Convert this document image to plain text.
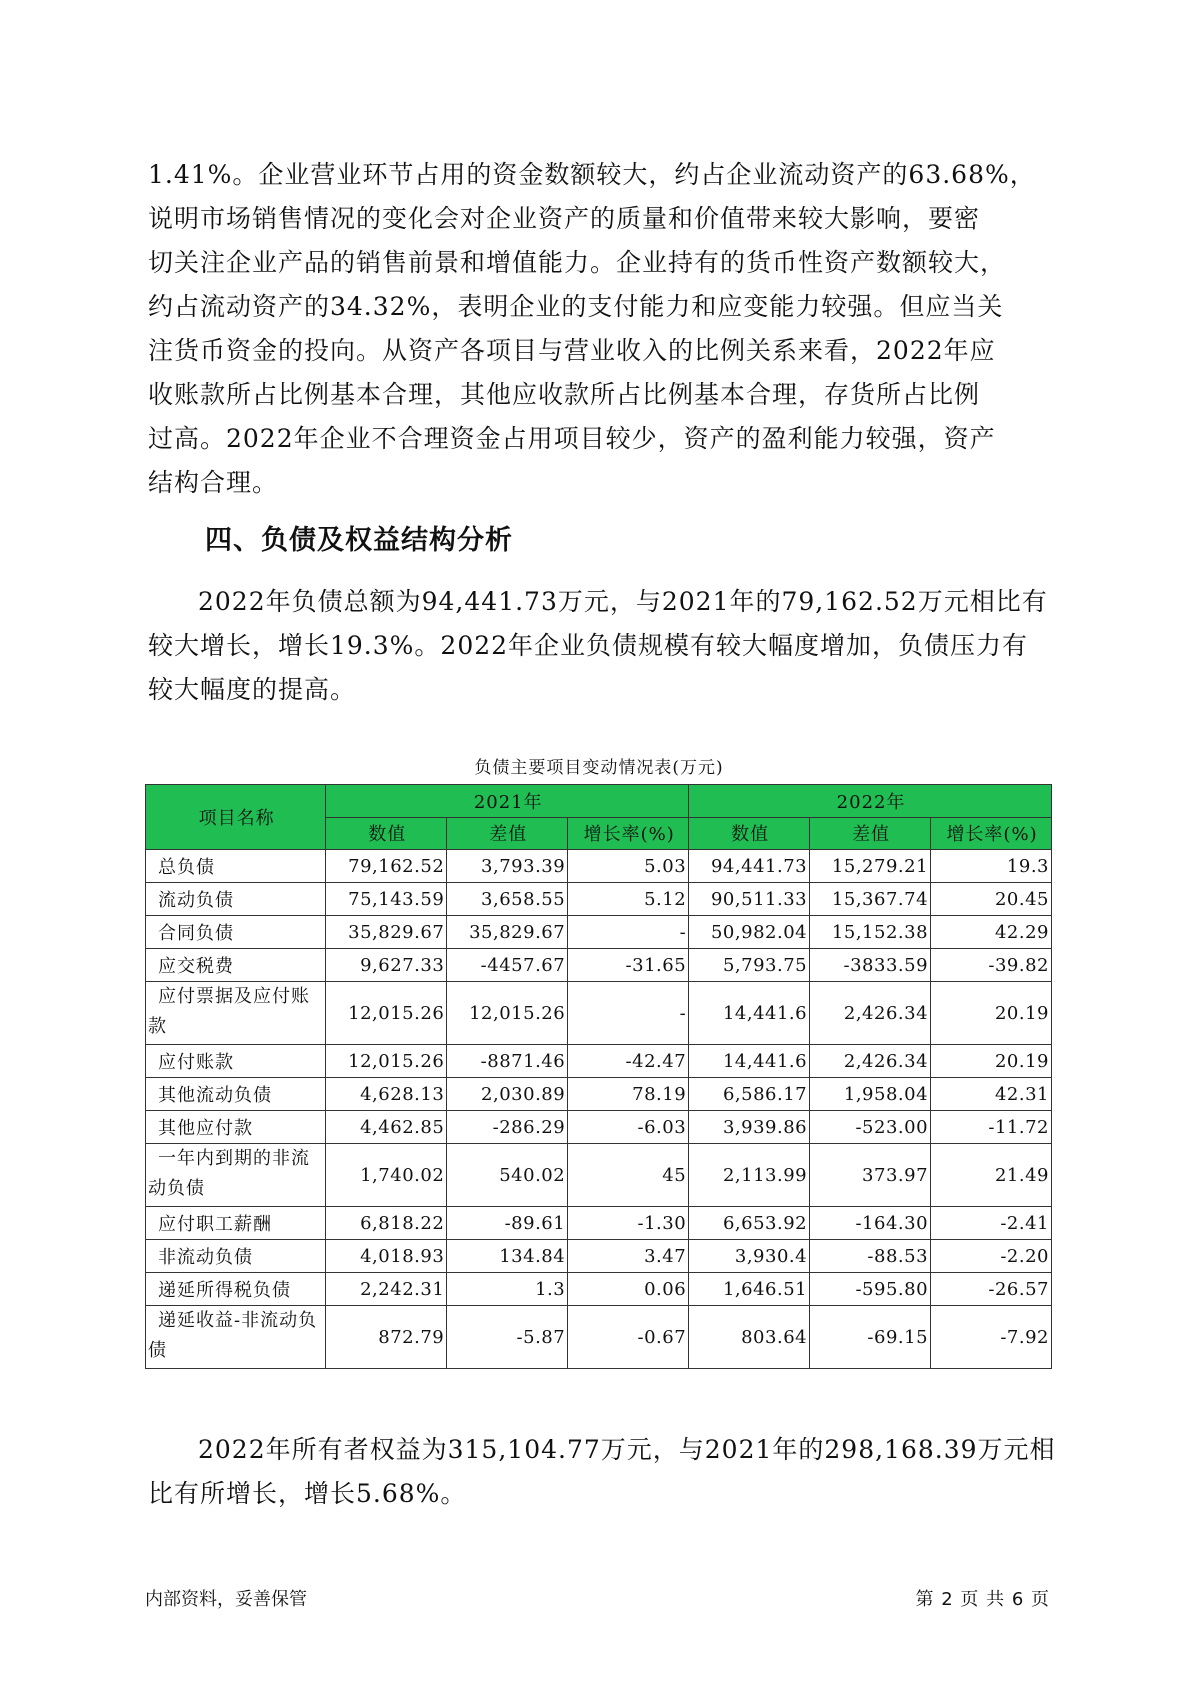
1.41%。企业营业环节占用的资金数额较大，约占企业流动资产的63.68%，
说明市场销售情况的变化会对企业资产的质量和价值带来较大影响，要密
切关注企业产品的销售前景和增值能力。企业持有的货币性资产数额较大，
约占流动资产的34.32%，表明企业的支付能力和应变能力较强。但应当关
注货币资金的投向。从资产各项目与营业收入的比例关系来看，2022年应
收账款所占比例基本合理，其他应收款所占比例基本合理，存货所占比例
过高。2022年企业不合理资金占用项目较少，资产的盈利能力较强，资产
结构合理。
四、负债及权益结构分析
2022年负债总额为94,441.73万元，与2021年的79,162.52万元相比有
较大增长，增长19.3%。2022年企业负债规模有较大幅度增加，负债压力有
较大幅度的提高。
负债主要项目变动情况表(万元)
项目名称	2021年			2022年		
	数值	差值	增长率(%)	数值	差值	增长率(%)
总负债	79,162.52	3,793.39	5.03	94,441.73	15,279.21	19.3
流动负债	75,143.59	3,658.55	5.12	90,511.33	15,367.74	20.45
合同负债	35,829.67	35,829.67	-	50,982.04	15,152.38	42.29
应交税费	9,627.33	-4457.67	-31.65	5,793.75	-3833.59	-39.82
应付票据及应付账款	12,015.26	12,015.26	-	14,441.6	2,426.34	20.19
应付账款	12,015.26	-8871.46	-42.47	14,441.6	2,426.34	20.19
其他流动负债	4,628.13	2,030.89	78.19	6,586.17	1,958.04	42.31
其他应付款	4,462.85	-286.29	-6.03	3,939.86	-523.00	-11.72
一年内到期的非流动负债	1,740.02	540.02	45	2,113.99	373.97	21.49
应付职工薪酬	6,818.22	-89.61	-1.30	6,653.92	-164.30	-2.41
非流动负债	4,018.93	134.84	3.47	3,930.4	-88.53	-2.20
递延所得税负债	2,242.31	1.3	0.06	1,646.51	-595.80	-26.57
递延收益-非流动负债	872.79	-5.87	-0.67	803.64	-69.15	-7.92
2022年所有者权益为315,104.77万元，与2021年的298,168.39万元相
比有所增长，增长5.68%。
内部资料，妥善保管	第 2 页 共 6 页
